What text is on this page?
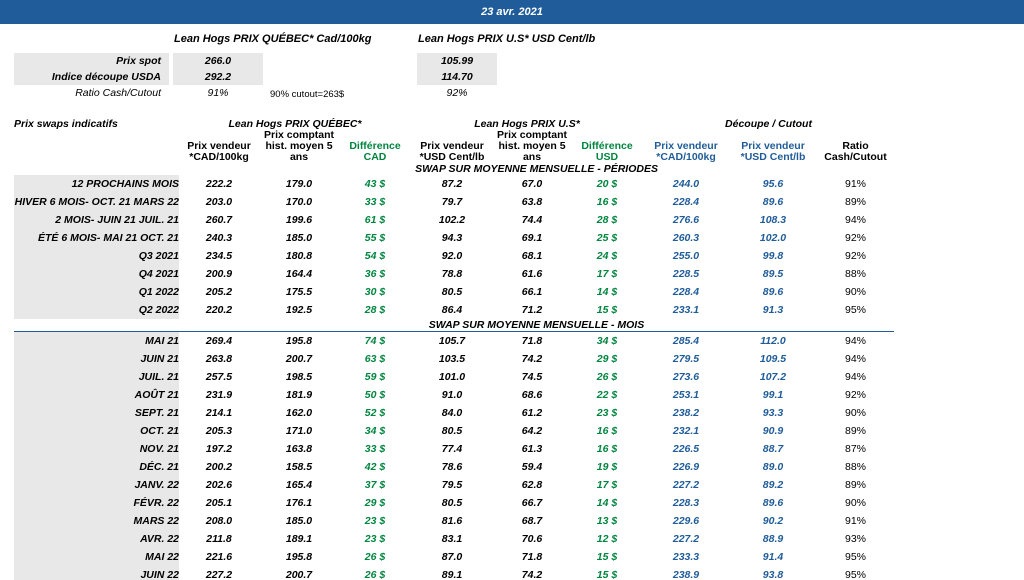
23 avr. 2021
Lean Hogs PRIX QUÉBEC* Cad/100kg	Lean Hogs PRIX U.S* USD Cent/lb
Prix spot	266.0	105.99
Indice découpe USDA	292.2	114.70
90% cutout=263$
Ratio Cash/Cutout	91%	92%
Prix swaps indicatifs	Lean Hogs PRIX QUÉBEC*			Lean Hogs PRIX U.S*			Découpe / Cutout		
	Prix vendeur *CAD/100kg	Prix comptant hist. moyen 5 ans	Différence CAD	Prix vendeur *USD Cent/lb	Prix comptant hist. moyen 5 ans	Différence USD	Prix vendeur *CAD/100kg	Prix vendeur *USD Cent/lb	Ratio Cash/Cutout
	SWAP SUR MOYENNE MENSUELLE - PÉRIODES								
12 PROCHAINS MOIS	222.2	179.0	43 $	87.2	67.0	20 $	244.0	95.6	91%
HIVER 6 MOIS- OCT. 21 MARS 22	203.0	170.0	33 $	79.7	63.8	16 $	228.4	89.6	89%
2 MOIS- JUIN 21 JUIL. 21	260.7	199.6	61 $	102.2	74.4	28 $	276.6	108.3	94%
ÉTÉ 6 MOIS- MAI 21 OCT. 21	240.3	185.0	55 $	94.3	69.1	25 $	260.3	102.0	92%
Q3 2021	234.5	180.8	54 $	92.0	68.1	24 $	255.0	99.8	92%
Q4 2021	200.9	164.4	36 $	78.8	61.6	17 $	228.5	89.5	88%
Q1 2022	205.2	175.5	30 $	80.5	66.1	14 $	228.4	89.6	90%
Q2 2022	220.2	192.5	28 $	86.4	71.2	15 $	233.1	91.3	95%
	SWAP SUR MOYENNE MENSUELLE - MOIS								
MAI 21	269.4	195.8	74 $	105.7	71.8	34 $	285.4	112.0	94%
JUIN 21	263.8	200.7	63 $	103.5	74.2	29 $	279.5	109.5	94%
JUIL. 21	257.5	198.5	59 $	101.0	74.5	26 $	273.6	107.2	94%
AOÛT 21	231.9	181.9	50 $	91.0	68.6	22 $	253.1	99.1	92%
SEPT. 21	214.1	162.0	52 $	84.0	61.2	23 $	238.2	93.3	90%
OCT. 21	205.3	171.0	34 $	80.5	64.2	16 $	232.1	90.9	89%
NOV. 21	197.2	163.8	33 $	77.4	61.3	16 $	226.5	88.7	87%
DÉC. 21	200.2	158.5	42 $	78.6	59.4	19 $	226.9	89.0	88%
JANV. 22	202.6	165.4	37 $	79.5	62.8	17 $	227.2	89.2	89%
FÉVR. 22	205.1	176.1	29 $	80.5	66.7	14 $	228.3	89.6	90%
MARS 22	208.0	185.0	23 $	81.6	68.7	13 $	229.6	90.2	91%
AVR. 22	211.8	189.1	23 $	83.1	70.6	12 $	227.2	88.9	93%
MAI 22	221.6	195.8	26 $	87.0	71.8	15 $	233.3	91.4	95%
JUIN 22	227.2	200.7	26 $	89.1	74.2	15 $	238.9	93.8	95%
